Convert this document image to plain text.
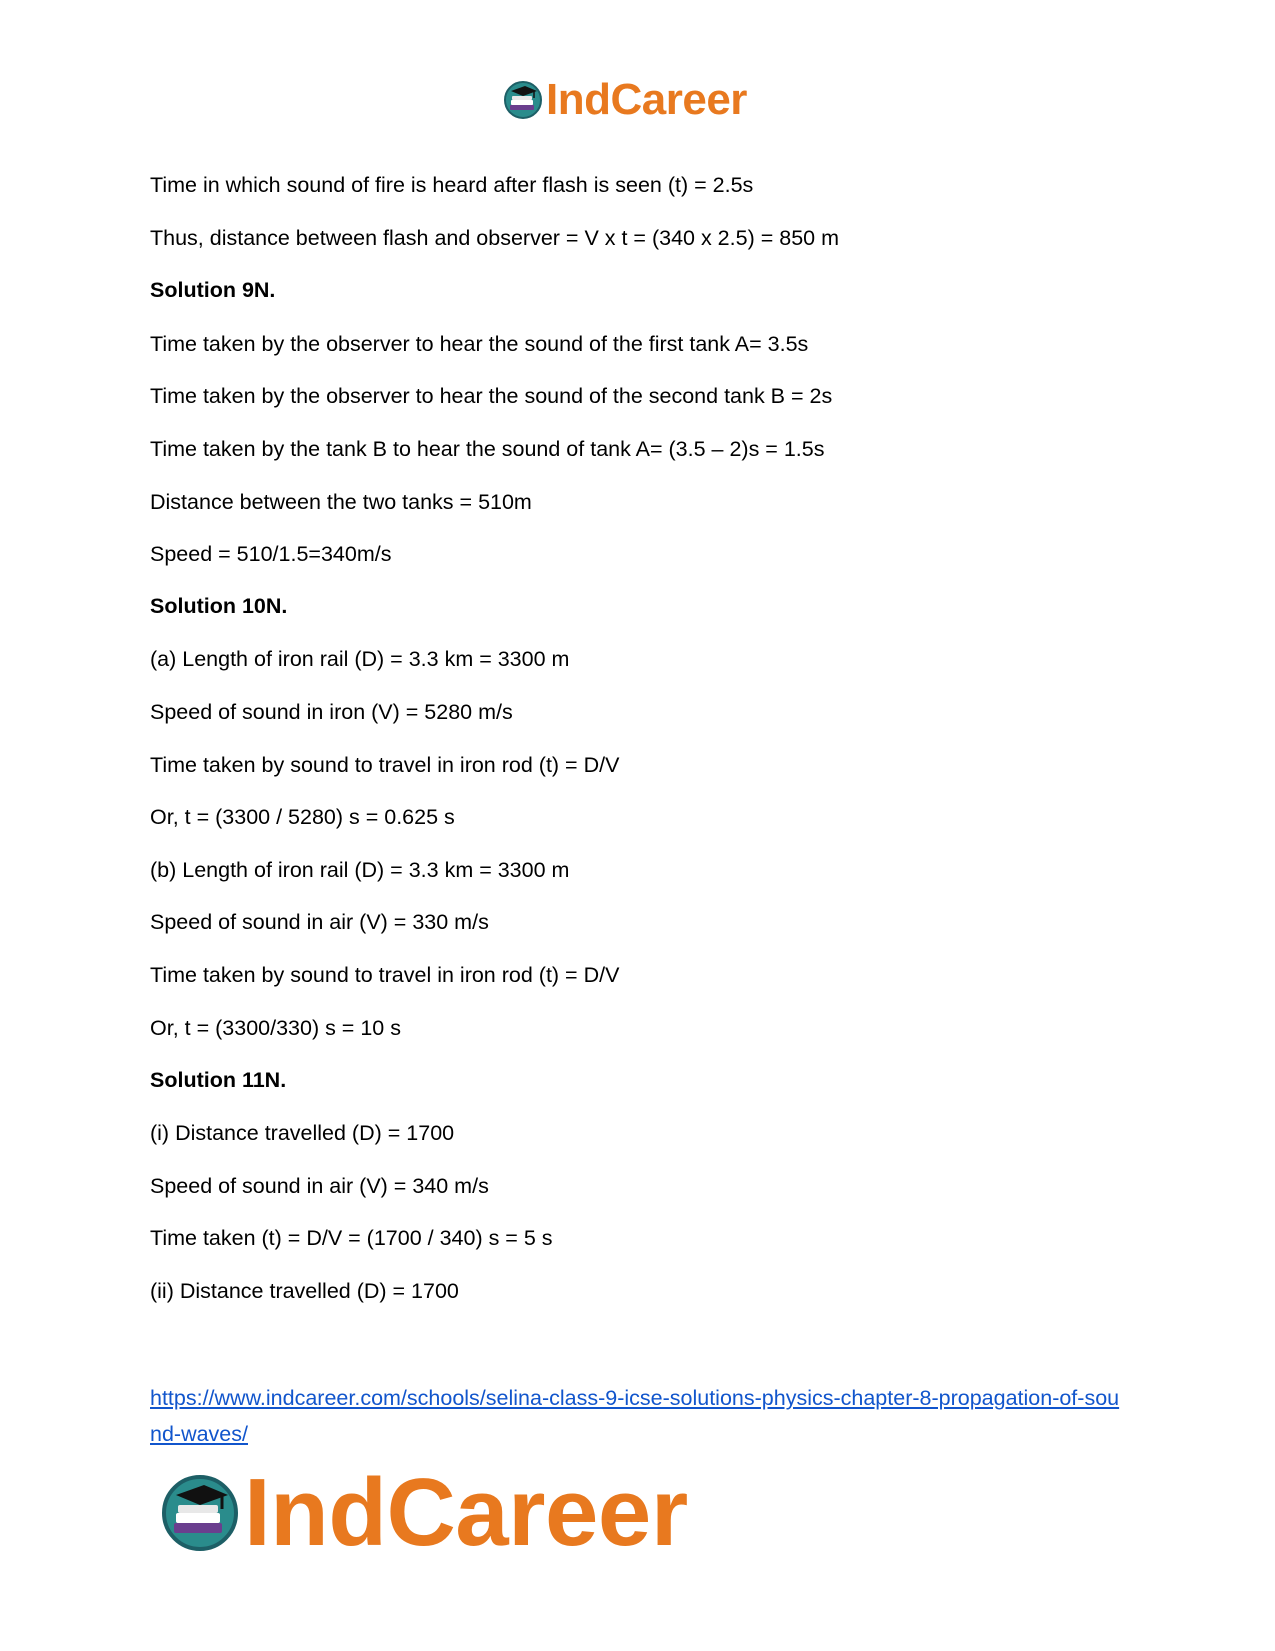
IndCareer
Time in which sound of fire is heard after flash is seen (t) = 2.5s
Thus, distance between flash and observer = V x t = (340 x 2.5) = 850 m
Solution 9N.
Time taken by the observer to hear the sound of the first tank A= 3.5s
Time taken by the observer to hear the sound of the second tank B = 2s
Time taken by the tank B to hear the sound of tank A= (3.5 – 2)s = 1.5s
Distance between the two tanks = 510m
Speed = 510/1.5=340m/s
Solution 10N.
(a) Length of iron rail (D) = 3.3 km = 3300 m
Speed of sound in iron (V) = 5280 m/s
Time taken by sound to travel in iron rod (t) = D/V
Or, t = (3300 / 5280) s = 0.625 s
(b) Length of iron rail (D) = 3.3 km = 3300 m
Speed of sound in air (V) = 330 m/s
Time taken by sound to travel in iron rod (t) = D/V
Or, t = (3300/330) s = 10 s
Solution 11N.
(i) Distance travelled (D) = 1700
Speed of sound in air (V) = 340 m/s
Time taken (t) = D/V = (1700 / 340) s = 5 s
(ii) Distance travelled (D) = 1700
https://www.indcareer.com/schools/selina-class-9-icse-solutions-physics-chapter-8-propagation-of-sound-waves/
IndCareer
